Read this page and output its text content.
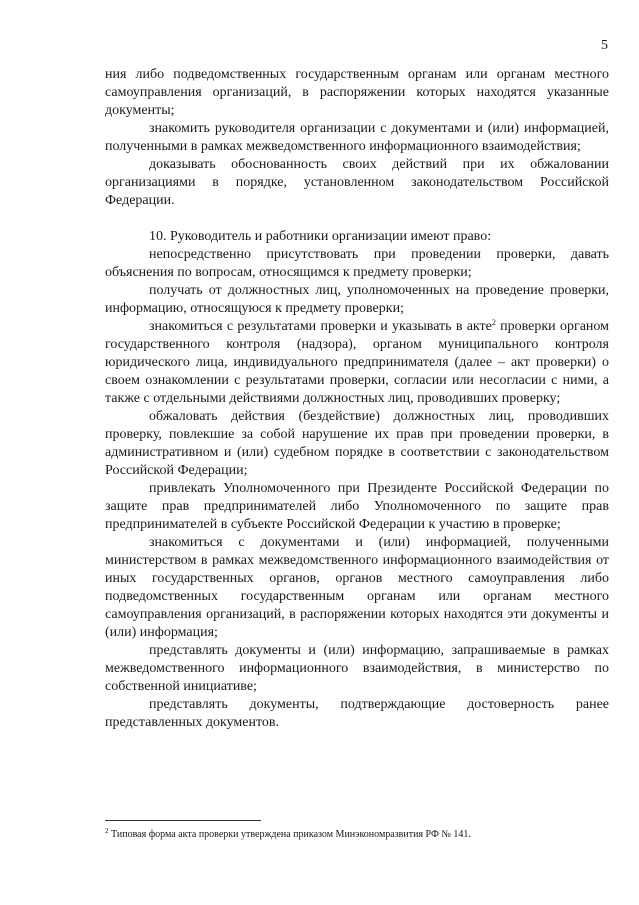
5

ния либо подведомственных государственным органам или органам местного самоуправления организаций, в распоряжении которых находятся указанные документы;

знакомить руководителя организации с документами и (или) информацией, полученными в рамках межведомственного информационного взаимодействия;

доказывать обоснованность своих действий при их обжаловании организациями в порядке, установленном законодательством Российской Федерации.

10. Руководитель и работники организации имеют право:

непосредственно присутствовать при проведении проверки, давать объяснения по вопросам, относящимся к предмету проверки;

получать от должностных лиц, уполномоченных на проведение проверки, информацию, относящуюся к предмету проверки;

знакомиться с результатами проверки и указывать в акте$^2$ проверки органом государственного контроля (надзора), органом муниципального контроля юридического лица, индивидуального предпринимателя (далее – акт проверки) о своем ознакомлении с результатами проверки, согласии или несогласии с ними, а также с отдельными действиями должностных лиц, проводивших проверку;

обжаловать действия (бездействие) должностных лиц, проводивших проверку, повлекшие за собой нарушение их прав при проведении проверки, в административном и (или) судебном порядке в соответствии с законодательством Российской Федерации;

привлекать Уполномоченного при Президенте Российской Федерации по защите прав предпринимателей либо Уполномоченного по защите прав предпринимателей в субъекте Российской Федерации к участию в проверке;

знакомиться с документами и (или) информацией, полученными министерством в рамках межведомственного информационного взаимодействия от иных государственных органов, органов местного самоуправления либо подведомственных государственным органам или органам местного самоуправления организаций, в распоряжении которых находятся эти документы и (или) информация;

представлять документы и (или) информацию, запрашиваемые в рамках межведомственного информационного взаимодействия, в министерство по собственной инициативе;

представлять документы, подтверждающие достоверность ранее представленных документов.

$^2$ Типовая форма акта проверки утверждена приказом Минэкономразвития РФ № 141.
